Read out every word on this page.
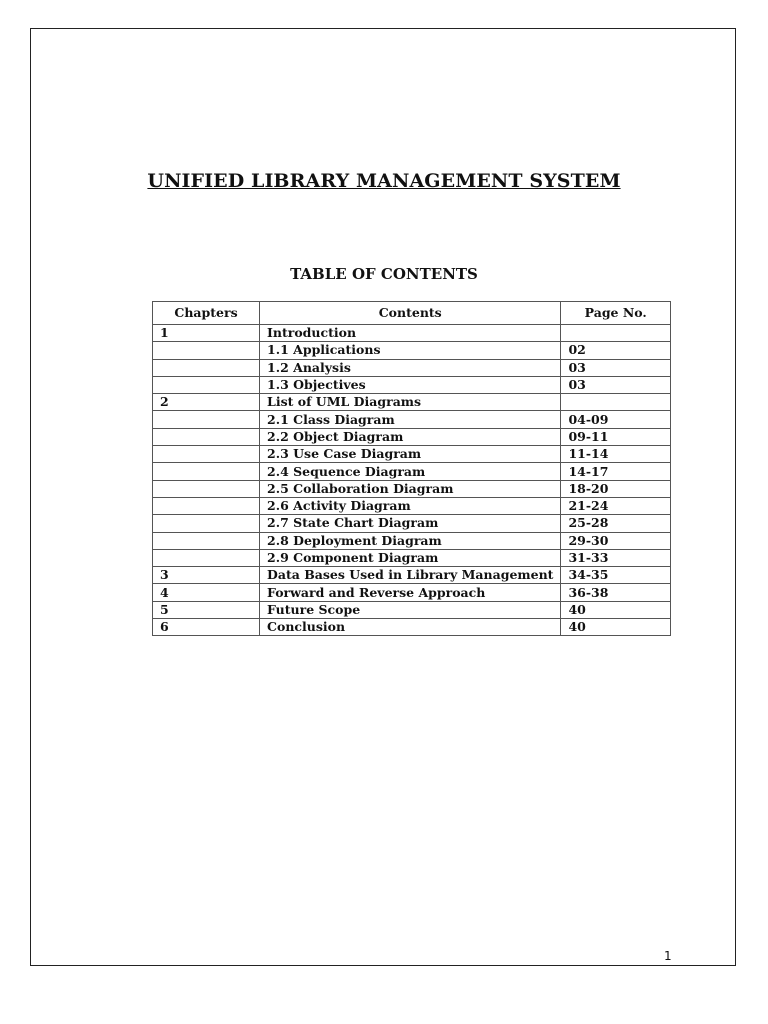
UNIFIED LIBRARY MANAGEMENT SYSTEM
TABLE OF CONTENTS
Chapters	Contents	Page No.
1	Introduction	
	1.1 Applications	02
	1.2 Analysis	03
	1.3 Objectives	03
2	List of UML Diagrams	
	2.1 Class Diagram	04-09
	2.2 Object Diagram	09-11
	2.3 Use Case Diagram	11-14
	2.4 Sequence Diagram	14-17
	2.5 Collaboration Diagram	18-20
	2.6 Activity Diagram	21-24
	2.7 State Chart Diagram	25-28
	2.8 Deployment Diagram	29-30
	2.9 Component Diagram	31-33
3	Data Bases Used in Library Management	34-35
4	Forward and Reverse Approach	36-38
5	Future Scope	40
6	Conclusion	40
1
